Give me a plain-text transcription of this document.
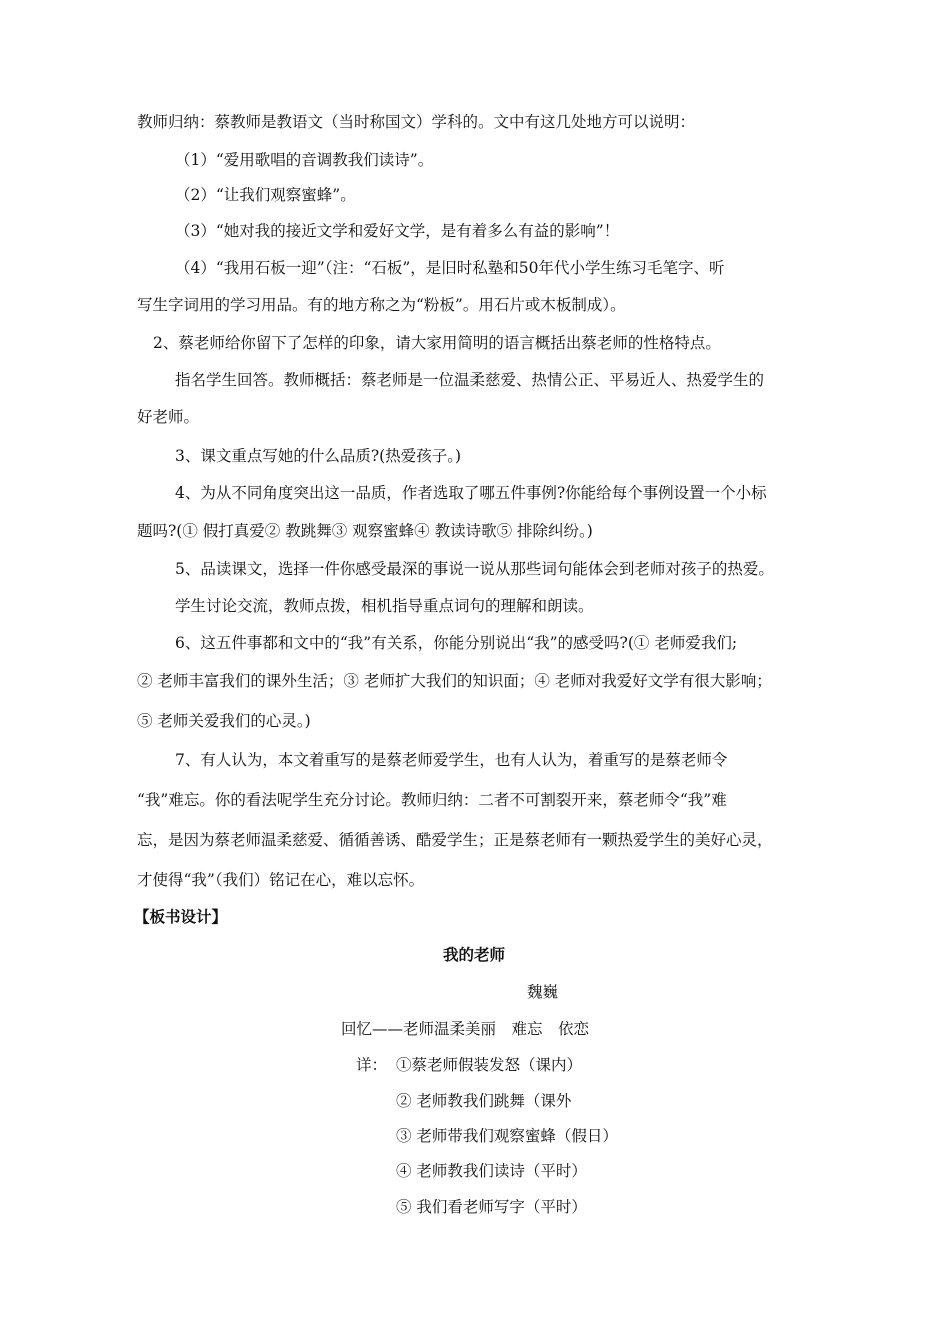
教师归纳：蔡教师是教语文（当时称国文）学科的。文中有这几处地方可以说明：
（1）“爱用歌唱的音调教我们读诗”。
（2）“让我们观察蜜蜂”。
（3）“她对我的接近文学和爱好文学，是有着多么有益的影响”！
（4）“我用石板一迎”（注：“石板”，是旧时私塾和50年代小学生练习毛笔字、听
写生字词用的学习用品。有的地方称之为“粉板”。用石片或木板制成）。
2、蔡老师给你留下了怎样的印象，请大家用简明的语言概括出蔡老师的性格特点。
指名学生回答。教师概括：蔡老师是一位温柔慈爱、热情公正、平易近人、热爱学生的
好老师。
3、课文重点写她的什么品质?(热爱孩子。)
4、为从不同角度突出这一品质，作者选取了哪五件事例?你能给每个事例设置一个小标
题吗?(① 假打真爱② 教跳舞③ 观察蜜蜂④ 教读诗歌⑤ 排除纠纷。)
5、品读课文，选择一件你感受最深的事说一说从那些词句能体会到老师对孩子的热爱。
学生讨论交流，教师点拨，相机指导重点词句的理解和朗读。
6、这五件事都和文中的“我”有关系，你能分别说出“我”的感受吗?(① 老师爱我们;
② 老师丰富我们的课外生活；③ 老师扩大我们的知识面；④ 老师对我爱好文学有很大影响；
⑤ 老师关爱我们的心灵。)
7、有人认为，本文着重写的是蔡老师爱学生，也有人认为，着重写的是蔡老师令
“我”难忘。你的看法呢学生充分讨论。教师归纳：二者不可割裂开来，蔡老师令“我”难
忘，是因为蔡老师温柔慈爱、循循善诱、酷爱学生；正是蔡老师有一颗热爱学生的美好心灵，
才使得“我”（我们）铭记在心，难以忘怀。
【板书设计】
我的老师
魏巍
回忆——老师温柔美丽　难忘　依恋
详： ①蔡老师假装发怒（课内）
② 老师教我们跳舞（课外
③ 老师带我们观察蜜蜂（假日）
④ 老师教我们读诗（平时）
⑤ 我们看老师写字（平时）
